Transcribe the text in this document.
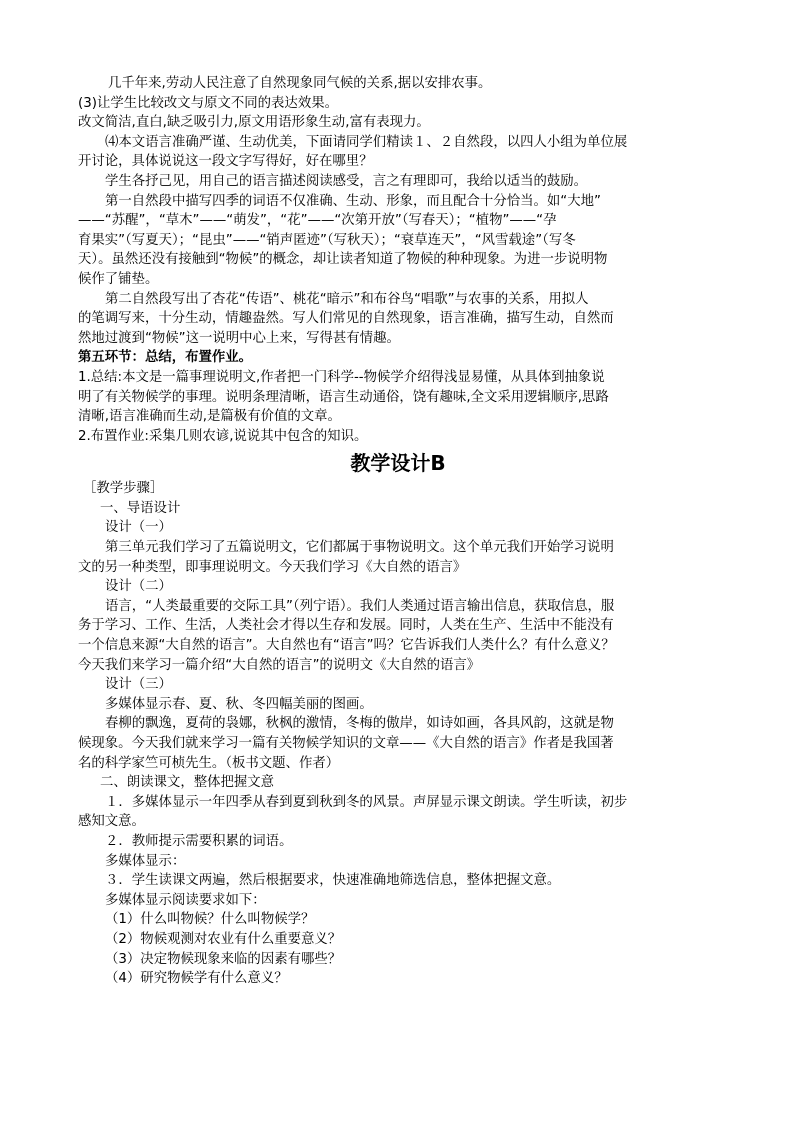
几千年来,劳动人民注意了自然现象同气候的关系,据以安排农事。
(3)让学生比较改文与原文不同的表达效果。
改文简洁,直白,缺乏吸引力,原文用语形象生动,富有表现力。
⑷本文语言准确严谨、生动优美，下面请同学们精读１、２自然段，以四人小组为单位展
开讨论，具体说说这一段文字写得好，好在哪里？
学生各抒己见，用自己的语言描述阅读感受，言之有理即可，我给以适当的鼓励。
第一自然段中描写四季的词语不仅准确、生动、形象，而且配合十分恰当。如“大地”
——“苏醒”，“草木”——“萌发”，“花”——“次第开放”（写春天）；“植物”——“孕
育果实”（写夏天）；“昆虫”——“销声匿迹”（写秋天）；“衰草连天”，“风雪载途”（写冬
天）。虽然还没有接触到“物候”的概念，却让读者知道了物候的种种现象。为进一步说明物
候作了铺垫。
第二自然段写出了杏花“传语”、桃花“暗示”和布谷鸟“唱歌”与农事的关系，用拟人
的笔调写来，十分生动，情趣盎然。写人们常见的自然现象，语言准确，描写生动，自然而
然地过渡到“物候”这一说明中心上来，写得甚有情趣。
第五环节：总结，布置作业。
1.总结:本文是一篇事理说明文,作者把一门科学--物候学介绍得浅显易懂，从具体到抽象说
明了有关物候学的事理。说明条理清晰，语言生动通俗，饶有趣味,全文采用逻辑顺序,思路
清晰,语言准确而生动,是篇极有价值的文章。
2.布置作业:采集几则农谚,说说其中包含的知识。
教学设计B
［教学步骤］
一、导语设计
设计（一）
第三单元我们学习了五篇说明文，它们都属于事物说明文。这个单元我们开始学习说明
文的另一种类型，即事理说明文。今天我们学习《大自然的语言》
设计（二）
语言，“人类最重要的交际工具”（列宁语）。我们人类通过语言输出信息，获取信息，服
务于学习、工作、生活，人类社会才得以生存和发展。同时，人类在生产、生活中不能没有
一个信息来源“大自然的语言”。大自然也有“语言”吗？它告诉我们人类什么？有什么意义？
今天我们来学习一篇介绍“大自然的语言”的说明文《大自然的语言》
设计（三）
多媒体显示春、夏、秋、冬四幅美丽的图画。
春柳的飘逸，夏荷的袅娜，秋枫的激情，冬梅的傲岸，如诗如画，各具风韵，这就是物
候现象。今天我们就来学习一篇有关物候学知识的文章——《大自然的语言》作者是我国著
名的科学家竺可桢先生。（板书文题、作者）
二、朗读课文，整体把握文意
１．多媒体显示一年四季从春到夏到秋到冬的风景。声屏显示课文朗读。学生听读，初步
感知文意。
２．教师提示需要积累的词语。
多媒体显示：
３．学生读课文两遍，然后根据要求，快速准确地筛选信息，整体把握文意。
多媒体显示阅读要求如下：
（1）什么叫物候？什么叫物候学？
（2）物候观测对农业有什么重要意义？
（3）决定物候现象来临的因素有哪些？
（4）研究物候学有什么意义？
